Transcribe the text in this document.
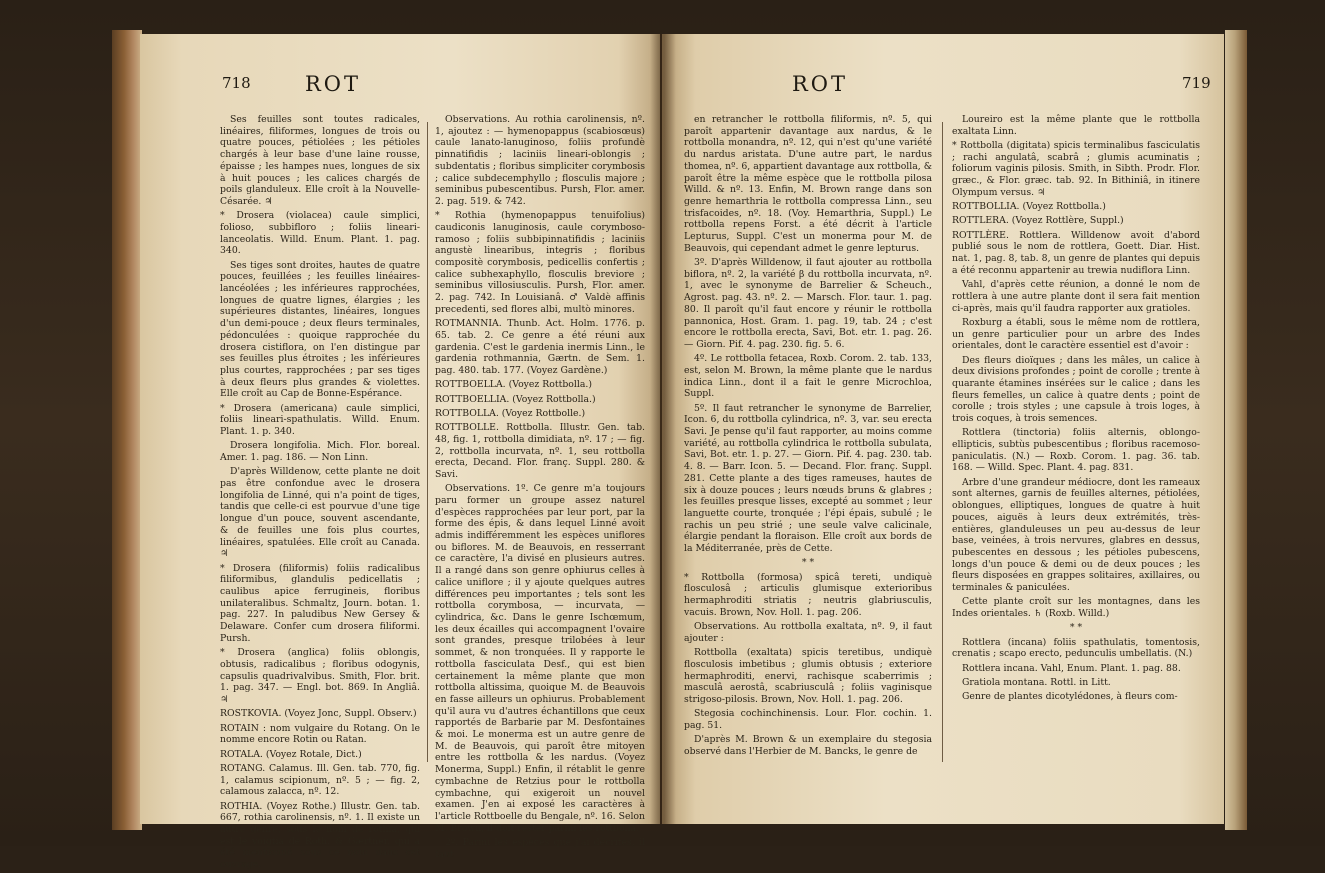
718	ROT

Ses feuilles sont toutes radicales, linéaires, filiformes, longues de trois ou quatre pouces, pétiolées ; les pétioles chargés à leur base d'une laine rousse, épaisse ; les hampes nues, longues de six à huit pouces ; les calices chargés de poils glanduleux. Elle croît à la Nouvelle-Césarée. ♃

* Drosera (violacea) caule simplici, folioso, subbifloro ; foliis lineari-lanceolatis. Willd. Enum. Plant. 1. pag. 340.

Ses tiges sont droites, hautes de quatre pouces, feuillées ; les feuilles linéaires-lancéolées ; les inférieures rapprochées, longues de quatre lignes, élargies ; les supérieures distantes, linéaires, longues d'un demi-pouce ; deux fleurs terminales, pédonculées : quoique rapprochée du drosera cistiflora, on l'en distingue par ses feuilles plus étroites ; les inférieures plus courtes, rapprochées ; par ses tiges à deux fleurs plus grandes & violettes. Elle croît au Cap de Bonne-Espérance.

* Drosera (americana) caule simplici, foliis lineari-spathulatis. Willd. Enum. Plant. 1. p. 340.

Drosera longifolia. Mich. Flor. boreal. Amer. 1. pag. 186. — Non Linn.

D'après Willdenow, cette plante ne doit pas être confondue avec le drosera longifolia de Linné, qui n'a point de tiges, tandis que celle-ci est pourvue d'une tige longue d'un pouce, souvent ascendante, & de feuilles une fois plus courtes, linéaires, spatulées. Elle croît au Canada. ♃

* Drosera (filiformis) foliis radicalibus filiformibus, glandulis pedicellatis ; caulibus apice ferrugineis, floribus unilateralibus. Schmaltz, Journ. botan. 1. pag. 227. In paludibus New Gersey & Delaware. Confer cum drosera filiformi. Pursh.

* Drosera (anglica) foliis oblongis, obtusis, radicalibus ; floribus odogynis, capsulis quadrivalvibus. Smith, Flor. brit. 1. pag. 347. — Engl. bot. 869. In Angliâ. ♃

ROSTKOVIA. (Voyez Jonc, Suppl. Observ.)

ROTAIN : nom vulgaire du Rotang. On le nomme encore Rotin ou Ratan.

ROTALA. (Voyez Rotale, Dict.)

ROTANG. Calamus. Ill. Gen. tab. 770, fig. 1, calamus scipionum, nº. 5 ; — fig. 2, calamous zalacca, nº. 12.

ROTHIA. (Voyez Rothe.) Illustr. Gen. tab. 667, rothia carolinensis, nº. 1. Il existe un autre genre, sous le nom de rothia, qui est le voigtia de Roth. & Gærtner, qui a été mentionné sous ce nom dans cet ouvrage.

Observations. Au rothia carolinensis, nº. 1, ajoutez : — hymenopappus (scabiosœus) caule lanato-lanuginoso, foliis profundè pinnatifidis ; laciniis lineari-oblongis ; subdentatis ; floribus simpliciter corymbosis ; calice subdecemphyllo ; flosculis majore ; seminibus pubescentibus. Pursh, Flor. amer. 2. pag. 519. & 742.

* Rothia (hymenopappus tenuifolius) caudiconis lanuginosis, caule corymboso-ramoso ; foliis subbipinnatifidis ; laciniis angustè linearibus, integris ; floribus compositè corymbosis, pedicellis confertis ; calice subhexaphyllo, flosculis breviore ; seminibus villosiusculis. Pursh, Flor. amer. 2. pag. 742. In Louisianâ. ♂ Valdè affinis precedenti, sed flores albi, multò minores.

ROTMANNIA. Thunb. Act. Holm. 1776. p. 65. tab. 2. Ce genre a été réuni aux gardenia. C'est le gardenia inermis Linn., le gardenia rothmannia, Gærtn. de Sem. 1. pag. 480. tab. 177. (Voyez Gardène.)

ROTTBOELLA. (Voyez Rottbolla.)

ROTTBOELLIA. (Voyez Rottbolla.)

ROTTBOLLA. (Voyez Rottbolle.)

ROTTBOLLE. Rottbolla. Illustr. Gen. tab. 48, fig. 1, rottbolla dimidiata, nº. 17 ; — fig. 2, rottbolla incurvata, nº. 1, seu rottbolla erecta, Decand. Flor. franç. Suppl. 280. & Savi.

Observations. 1º. Ce genre m'a toujours paru former un groupe assez naturel d'espèces rapprochées par leur port, par la forme des épis, & dans lequel Linné avoit admis indifféremment les espèces uniflores ou biflores. M. de Beauvois, en resserrant ce caractère, l'a divisé en plusieurs autres. Il a rangé dans son genre ophiurus celles à calice uniflore ; il y ajoute quelques autres différences peu importantes ; tels sont les rottbolla corymbosa, — incurvata, — cylindrica, &c. Dans le genre Ischœmum, les deux écailles qui accompagnent l'ovaire sont grandes, presque trilobées à leur sommet, & non tronquées. Il y rapporte le rottbolla fasciculata Desf., qui est bien certainement la même plante que mon rottbolla altissima, quoique M. de Beauvois en fasse ailleurs un ophiurus. Probablement qu'il aura vu d'autres échantillons que ceux rapportés de Barbarie par M. Desfontaines & moi. Le monerma est un autre genre de M. de Beauvois, qui paroît être mitoyen entre les rottbolla & les nardus. (Voyez Monerma, Suppl.) Enfin, il rétablit le genre cymbachne de Retzius pour le rottbolla cymbachne, qui exigeroit un nouvel examen. J'en ai exposé les caractères à l'article Rottboelle du Bengale, nº. 16. Selon M. Brown, il doit rester parmi les rottbolla.

2º. Parmi les espèces que j'ai décrites, il faut

ROT	719

en retrancher le rottbolla filiformis, nº. 5, qui paroît appartenir davantage aux nardus, & le rottbolla monandra, nº. 12, qui n'est qu'une variété du nardus aristata. D'une autre part, le nardus thomea, nº. 6, appartient davantage aux rottbolla, & paroît être la même espèce que le rottbolla pilosa Willd. & nº. 13. Enfin, M. Brown range dans son genre hemarthria le rottbolla compressa Linn., seu trisfacoides, nº. 18. (Voy. Hemarthria, Suppl.) Le rottbolla repens Forst. a été décrit à l'article Lepturus, Suppl. C'est un monerma pour M. de Beauvois, qui cependant admet le genre lepturus.

3º. D'après Willdenow, il faut ajouter au rottbolla biflora, nº. 2, la variété β du rottbolla incurvata, nº. 1, avec le synonyme de Barrelier & Scheuch., Agrost. pag. 43. nº. 2. — Marsch. Flor. taur. 1. pag. 80. Il paroît qu'il faut encore y réunir le rottbolla pannonica, Host. Gram. 1. pag. 19, tab. 24 ; c'est encore le rottbolla erecta, Savi, Bot. etr. 1. pag. 26. — Giorn. Pif. 4. pag. 230. fig. 5. 6.

4º. Le rottbolla fetacea, Roxb. Corom. 2. tab. 133, est, selon M. Brown, la même plante que le nardus indica Linn., dont il a fait le genre Microchloa, Suppl.

5º. Il faut retrancher le synonyme de Barrelier, Icon. 6, du rottbolla cylindrica, nº. 3, var. seu erecta Savi. Je pense qu'il faut rapporter, au moins comme variété, au rottbolla cylindrica le rottbolla subulata, Savi, Bot. etr. 1. p. 27. — Giorn. Pif. 4. pag. 230. tab. 4. 8. — Barr. Icon. 5. — Decand. Flor. franç. Suppl. 281. Cette plante a des tiges rameuses, hautes de six à douze pouces ; leurs nœuds bruns & glabres ; les feuilles presque lisses, excepté au sommet ; leur languette courte, tronquée ; l'épi épais, subulé ; le rachis un peu strié ; une seule valve calicinale, élargie pendant la floraison. Elle croît aux bords de la Méditerranée, près de Cette.

* *

* Rottbolla (formosa) spicâ tereti, undiquè flosculosâ ; articulis glumisque exterioribus hermaphroditi striatis ; neutris glabriusculis, vacuis. Brown, Nov. Holl. 1. pag. 206.

Observations. Au rottbolla exaltata, nº. 9, il faut ajouter :

Rottbolla (exaltata) spicis teretibus, undiquè flosculosis imbetibus ; glumis obtusis ; exteriore hermaphroditi, enervi, rachisque scaberrimis ; masculâ aerostâ, scabriusculâ ; foliis vaginisque strigoso-pilosis. Brown, Nov. Holl. 1. pag. 206.

Stegosia cochinchinensis. Lour. Flor. cochin. 1. pag. 51.

D'après M. Brown & un exemplaire du stegosia observé dans l'Herbier de M. Bancks, le genre de

Loureiro est la même plante que le rottbolla exaltata Linn.

* Rottbolla (digitata) spicis terminalibus fasciculatis ; rachi angulatâ, scabrâ ; glumis acuminatis ; foliorum vaginis pilosis. Smith, in Sibth. Prodr. Flor. græc., & Flor. græc. tab. 92. In Bithiniâ, in itinere Olympum versus. ♃

ROTTBOLLIA. (Voyez Rottbolla.)

ROTTLERA. (Voyez Rottlère, Suppl.)

ROTTLÈRE. Rottlera. Willdenow avoit d'abord publié sous le nom de rottlera, Goett. Diar. Hist. nat. 1, pag. 8, tab. 8, un genre de plantes qui depuis a été reconnu appartenir au trewia nudiflora Linn.

Vahl, d'après cette réunion, a donné le nom de rottlera à une autre plante dont il sera fait mention ci-après, mais qu'il faudra rapporter aux gratioles.

Roxburg a établi, sous le même nom de rottlera, un genre particulier pour un arbre des Indes orientales, dont le caractère essentiel est d'avoir :

Des fleurs dioïques ; dans les mâles, un calice à deux divisions profondes ; point de corolle ; trente à quarante étamines insérées sur le calice ; dans les fleurs femelles, un calice à quatre dents ; point de corolle ; trois styles ; une capsule à trois loges, à trois coques, à trois semences.

Rottlera (tinctoria) foliis alternis, oblongo-ellipticis, subtùs pubescentibus ; floribus racemoso-paniculatis. (N.) — Roxb. Corom. 1. pag. 36. tab. 168. — Willd. Spec. Plant. 4. pag. 831.

Arbre d'une grandeur médiocre, dont les rameaux sont alternes, garnis de feuilles alternes, pétiolées, oblongues, elliptiques, longues de quatre à huit pouces, aiguës à leurs deux extrémités, très-entières, glanduleuses un peu au-dessus de leur base, veinées, à trois nervures, glabres en dessus, pubescentes en dessous ; les pétioles pubescens, longs d'un pouce & demi ou de deux pouces ; les fleurs disposées en grappes solitaires, axillaires, ou terminales & paniculées.

Cette plante croît sur les montagnes, dans les Indes orientales. ♄ (Roxb. Willd.)

* *

Rottlera (incana) foliis spathulatis, tomentosis, crenatis ; scapo erecto, pedunculis umbellatis. (N.)

Rottlera incana. Vahl, Enum. Plant. 1. pag. 88.

Gratiola montana. Rottl. in Litt.

Genre de plantes dicotylédones, à fleurs com-
